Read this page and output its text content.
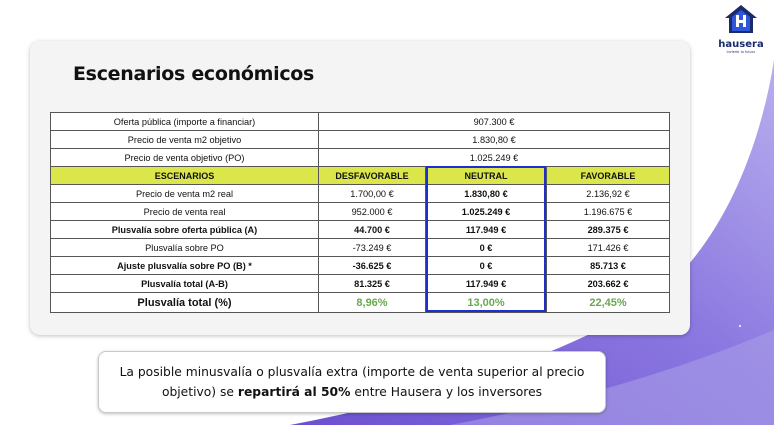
hausera
invierte tu futuro
Escenarios económicos
Oferta pública (importe a financiar)	907.300 €		
Precio de venta m2 objetivo	1.830,80 €		
Precio de venta objetivo (PO)	1.025.249 €		
ESCENARIOS	DESFAVORABLE	NEUTRAL	FAVORABLE
Precio de venta m2 real	1.700,00 €	1.830,80 €	2.136,92 €
Precio de venta real	952.000 €	1.025.249 €	1.196.675 €
Plusvalía sobre oferta pública (A)	44.700 €	117.949 €	289.375 €
Plusvalía sobre PO	-73.249 €	0 €	171.426 €
Ajuste plusvalía sobre PO (B) *	-36.625 €	0 €	85.713 €
Plusvalía total (A-B)	81.325 €	117.949 €	203.662 €
Plusvalía total (%)	8,96%	13,00%	22,45%
La posible minusvalía o plusvalía extra (importe de venta superior al precio objetivo) se repartirá al 50% entre Hausera y los inversores
